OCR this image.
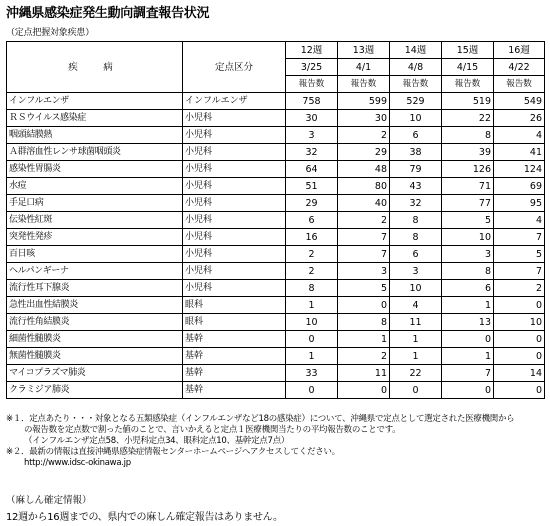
沖縄県感染症発生動向調査報告状況
（定点把握対象疾患）
疾　病	定点区分	12週	13週	14週	15週	16週
		3/25	4/1	4/8	4/15	4/22
		報告数	報告数	報告数	報告数	報告数
インフルエンザ	インフルエンザ	758	599	529	519	549
ＲＳウイルス感染症	小児科	30	30	10	22	26
咽頭結膜熱	小児科	3	2	6	8	4
Ａ群溶血性レンサ球菌咽頭炎	小児科	32	29	38	39	41
感染性胃腸炎	小児科	64	48	79	126	124
水痘	小児科	51	80	43	71	69
手足口病	小児科	29	40	32	77	95
伝染性紅斑	小児科	6	2	8	5	4
突発性発疹	小児科	16	7	8	10	7
百日咳	小児科	2	7	6	3	5
ヘルパンギーナ	小児科	2	3	3	8	7
流行性耳下腺炎	小児科	8	5	10	6	2
急性出血性結膜炎	眼科	1	0	4	1	0
流行性角結膜炎	眼科	10	8	11	13	10
細菌性髄膜炎	基幹	0	1	1	0	0
無菌性髄膜炎	基幹	1	2	1	1	0
マイコプラズマ肺炎	基幹	33	11	22	7	14
クラミジア肺炎	基幹	0	0	0	0	0

※１．定点あたり・・・対象となる五類感染症（インフルエンザなど18の感染症）について、沖縄県で定点として選定された医療機関から

の報告数を定点数で割った値のことで、言いかえると定点１医療機関当たりの平均報告数のことです。

（インフルエンザ定点58、小児科定点34、眼科定点10、基幹定点7点）

※２．最新の情報は直接沖縄県感染症情報センターホームページへアクセスしてください。

http://www.idsc-okinawa.jp

（麻しん確定情報）
12週から16週までの、県内での麻しん確定報告はありません。
